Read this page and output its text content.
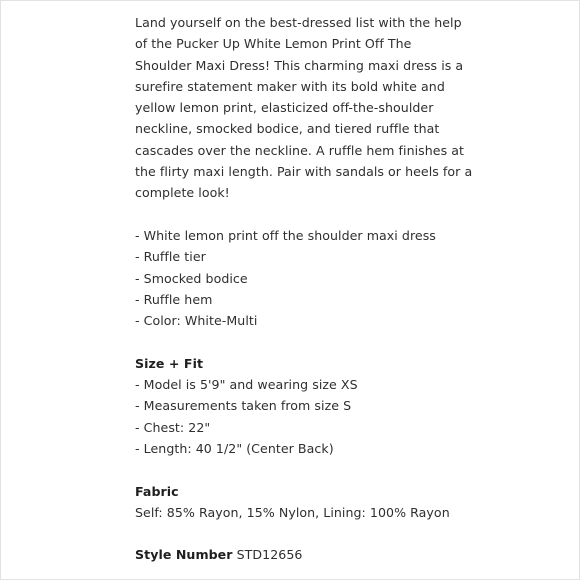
Land yourself on the best-dressed list with the help
of the Pucker Up White Lemon Print Off The
Shoulder Maxi Dress! This charming maxi dress is a
surefire statement maker with its bold white and
yellow lemon print, elasticized off-the-shoulder
neckline, smocked bodice, and tiered ruffle that
cascades over the neckline. A ruffle hem finishes at
the flirty maxi length. Pair with sandals or heels for a
complete look!
- White lemon print off the shoulder maxi dress
- Ruffle tier
- Smocked bodice
- Ruffle hem
- Color: White-Multi
Size + Fit
- Model is 5'9" and wearing size XS
- Measurements taken from size S
- Chest: 22"
- Length: 40 1/2" (Center Back)
Fabric
Self: 85% Rayon, 15% Nylon, Lining: 100% Rayon
Style Number STD12656
